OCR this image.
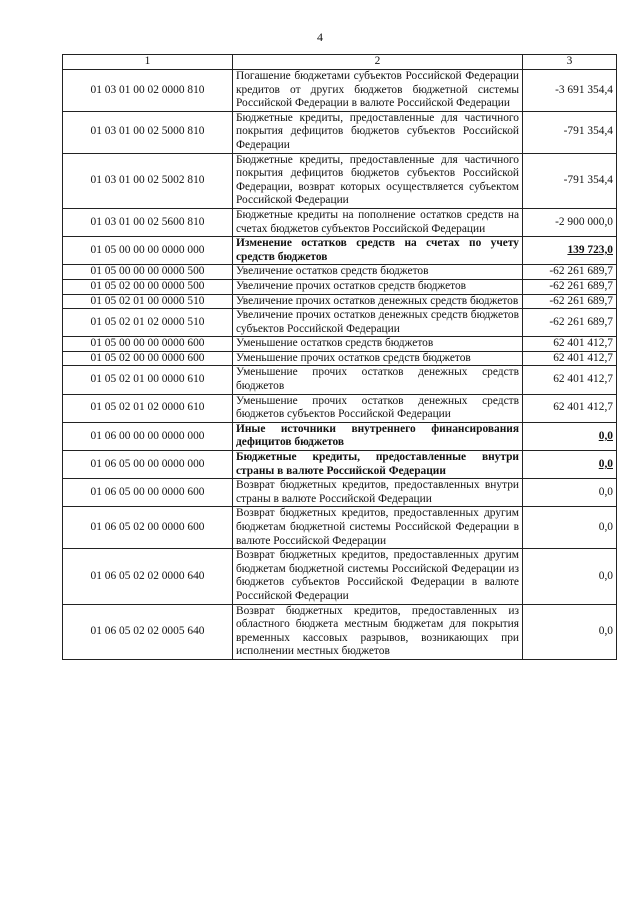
4
1	2	3
01 03 01 00 02 0000 810	Погашение бюджетами субъектов Российской Федерации кредитов от других бюджетов бюджетной системы Российской Федерации в валюте Российской Федерации	-3 691 354,4
01 03 01 00 02 5000 810	Бюджетные кредиты, предоставленные для частичного покрытия дефицитов бюджетов субъектов Российской Федерации	-791 354,4
01 03 01 00 02 5002 810	Бюджетные кредиты, предоставленные для частичного покрытия дефицитов бюджетов субъектов Российской Федерации, возврат которых осуществляется субъектом Российской Федерации	-791 354,4
01 03 01 00 02 5600 810	Бюджетные кредиты на пополнение остатков средств на счетах бюджетов субъектов Российской Федерации	-2 900 000,0
01 05 00 00 00 0000 000	Изменение остатков средств на счетах по учету средств бюджетов	139 723,0
01 05 00 00 00 0000 500	Увеличение остатков средств бюджетов	-62 261 689,7
01 05 02 00 00 0000 500	Увеличение прочих остатков средств бюджетов	-62 261 689,7
01 05 02 01 00 0000 510	Увеличение прочих остатков денежных средств бюджетов	-62 261 689,7
01 05 02 01 02 0000 510	Увеличение прочих остатков денежных средств бюджетов субъектов Российской Федерации	-62 261 689,7
01 05 00 00 00 0000 600	Уменьшение остатков средств бюджетов	62 401 412,7
01 05 02 00 00 0000 600	Уменьшение прочих остатков средств бюджетов	62 401 412,7
01 05 02 01 00 0000 610	Уменьшение прочих остатков денежных средств бюджетов	62 401 412,7
01 05 02 01 02 0000 610	Уменьшение прочих остатков денежных средств бюджетов субъектов Российской Федерации	62 401 412,7
01 06 00 00 00 0000 000	Иные источники внутреннего финансирования дефицитов бюджетов	0,0
01 06 05 00 00 0000 000	Бюджетные кредиты, предоставленные внутри страны в валюте Российской Федерации	0,0
01 06 05 00 00 0000 600	Возврат бюджетных кредитов, предоставленных внутри страны в валюте Российской Федерации	0,0
01 06 05 02 00 0000 600	Возврат бюджетных кредитов, предоставленных другим бюджетам бюджетной системы Российской Федерации в валюте Российской Федерации	0,0
01 06 05 02 02 0000 640	Возврат бюджетных кредитов, предоставленных другим бюджетам бюджетной системы Российской Федерации из бюджетов субъектов Российской Федерации в валюте Российской Федерации	0,0
01 06 05 02 02 0005 640	Возврат бюджетных кредитов, предоставленных из областного бюджета местным бюджетам для покрытия временных кассовых разрывов, возникающих при исполнении местных бюджетов	0,0
